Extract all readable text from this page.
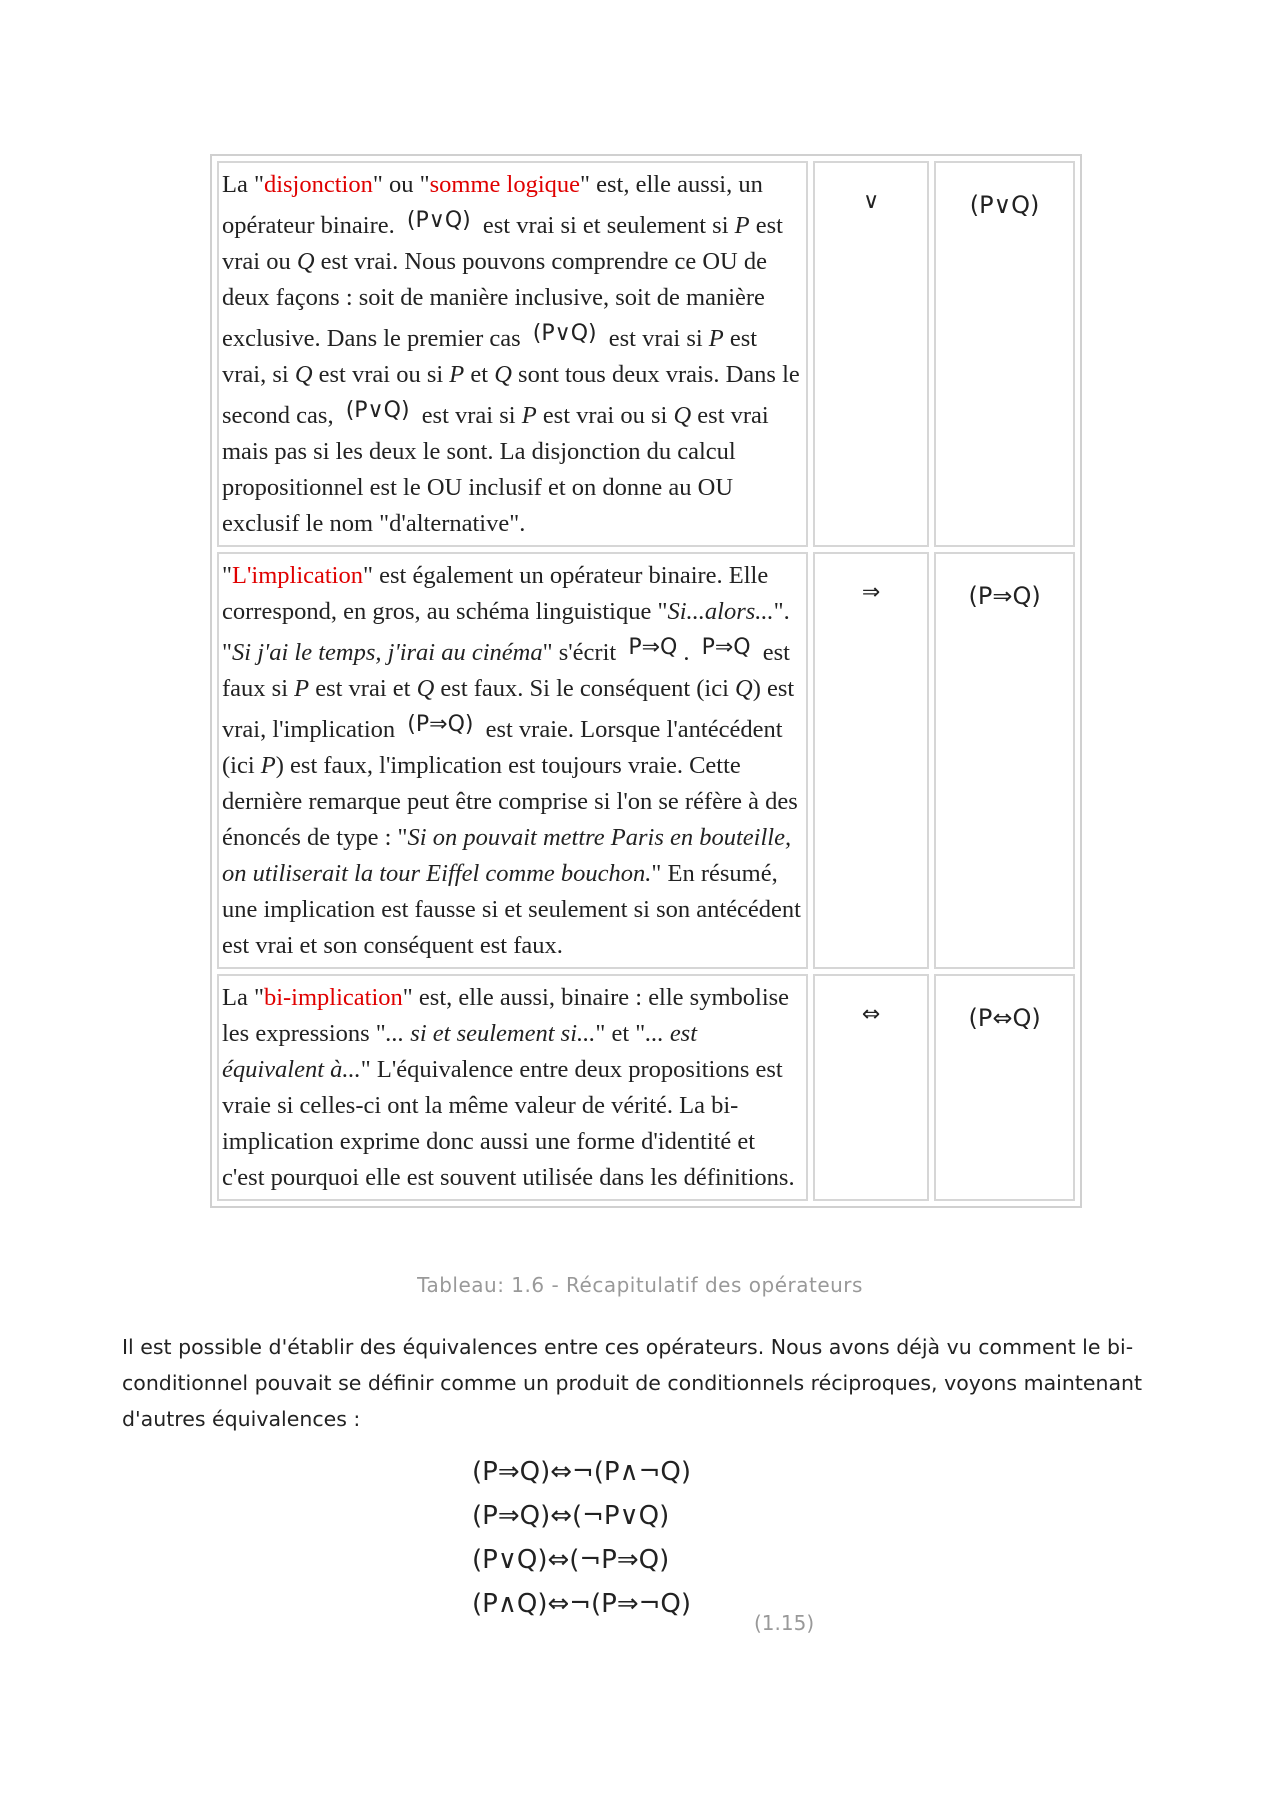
La "disjonction" ou "somme logique" est, elle aussi, un opérateur binaire. (P∨Q) est vrai si et seulement si P est vrai ou Q est vrai. Nous pouvons comprendre ce OU de deux façons : soit de manière inclusive, soit de manière exclusive. Dans le premier cas (P∨Q) est vrai si P est vrai, si Q est vrai ou si P et Q sont tous deux vrais. Dans le second cas, (P∨Q) est vrai si P est vrai ou si Q est vrai mais pas si les deux le sont. La disjonction du calcul propositionnel est le OU inclusif et on donne au OU exclusif le nom "d'alternative".	∨	(P∨Q)
"L'implication" est également un opérateur binaire. Elle correspond, en gros, au schéma linguistique "Si...alors...". "Si j'ai le temps, j'irai au cinéma" s'écrit P⇒Q . P⇒Q est faux si P est vrai et Q est faux. Si le conséquent (ici Q) est vrai, l'implication (P⇒Q) est vraie. Lorsque l'antécédent (ici P) est faux, l'implication est toujours vraie. Cette dernière remarque peut être comprise si l'on se réfère à des énoncés de type : "Si on pouvait mettre Paris en bouteille, on utiliserait la tour Eiffel comme bouchon." En résumé, une implication est fausse si et seulement si son antécédent est vrai et son conséquent est faux.	⇒	(P⇒Q)
La "bi-implication" est, elle aussi, binaire : elle symbolise les expressions "... si et seulement si..." et "... est équivalent à..." L'équivalence entre deux propositions est vraie si celles-ci ont la même valeur de vérité. La bi-implication exprime donc aussi une forme d'identité et c'est pourquoi elle est souvent utilisée dans les définitions.	⇔	(P⇔Q)
Tableau: 1.6 - Récapitulatif des opérateurs
Il est possible d'établir des équivalences entre ces opérateurs. Nous avons déjà vu comment le bi-conditionnel pouvait se définir comme un produit de conditionnels réciproques, voyons maintenant d'autres équivalences :
(P⇒Q)⇔¬(P∧¬Q)
(P⇒Q)⇔(¬P∨Q)
(P∨Q)⇔(¬P⇒Q)
(P∧Q)⇔¬(P⇒¬Q)
(1.15)
